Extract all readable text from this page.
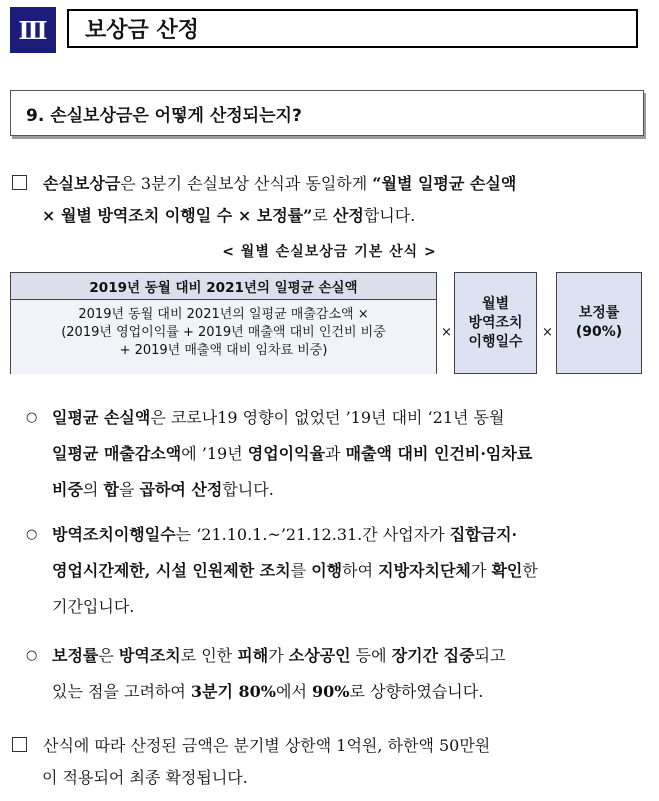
Ⅲ	보상금 산정
9. 손실보상금은 어떻게 산정되는지?
손실보상금은 3분기 손실보상 산식과 동일하게 “월별 일평균 손실액
× 월별 방역조치 이행일 수 × 보정률”로 산정합니다.
< 월별 손실보상금 기본 산식 >
2019년 동월 대비 2021년의 일평균 손실액
2019년 동월 대비 2021년의 일평균 매출감소액 ×
(2019년 영업이익률 + 2019년 매출액 대비 인건비 비중
+ 2019년 매출액 대비 임차료 비중)
×
월별
방역조치
이행일수
×
보정률
(90%)
○ 일평균 손실액은 코로나19 영향이 없었던 ’19년 대비 ‘21년 동월
일평균 매출감소액에 ’19년 영업이익율과 매출액 대비 인건비·임차료
비중의 합을 곱하여 산정합니다.
○ 방역조치이행일수는 ‘21.10.1.~’21.12.31.간 사업자가 집합금지·
영업시간제한, 시설 인원제한 조치를 이행하여 지방자치단체가 확인한
기간입니다.
○ 보정률은 방역조치로 인한 피해가 소상공인 등에 장기간 집중되고
있는 점을 고려하여 3분기 80%에서 90%로 상향하였습니다.
산식에 따라 산정된 금액은 분기별 상한액 1억원, 하한액 50만원
이 적용되어 최종 확정됩니다.
